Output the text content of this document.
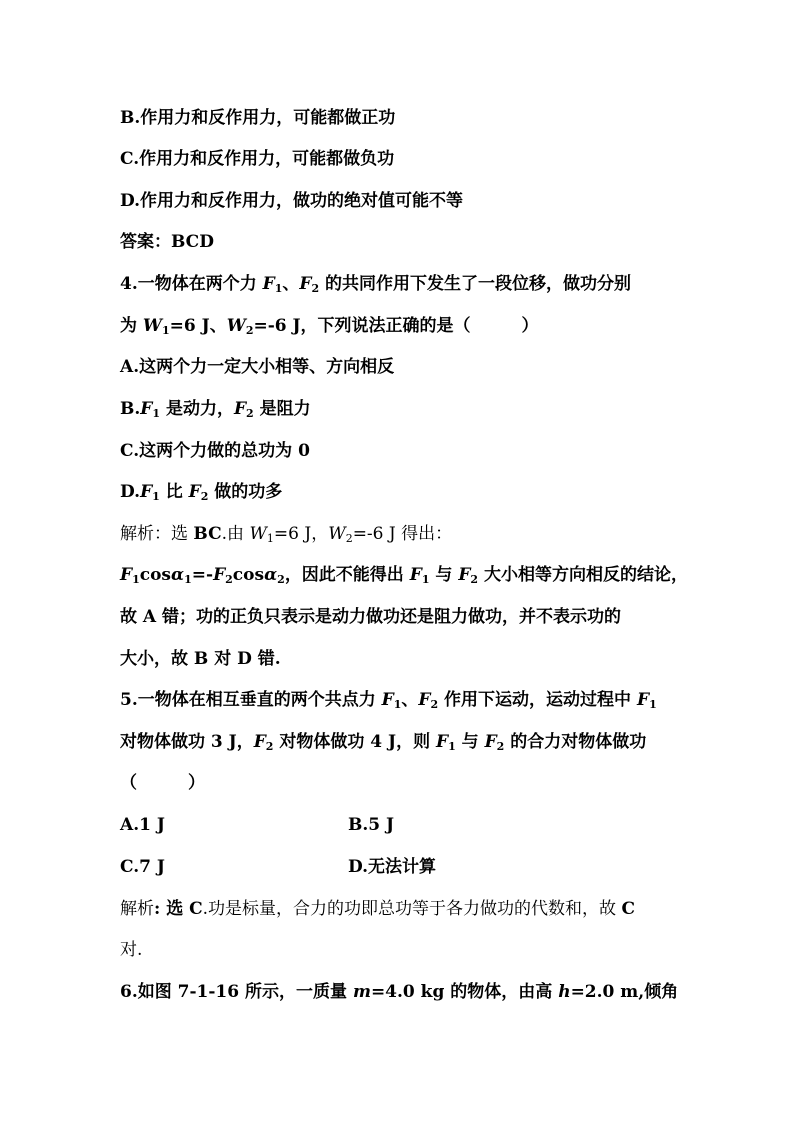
B.作用力和反作用力，可能都做正功
C.作用力和反作用力，可能都做负功
D.作用力和反作用力，做功的绝对值可能不等
答案：BCD
4.一物体在两个力 $F_1$、$F_2$ 的共同作用下发生了一段位移，做功分别
为 $W_1=6$ J、$W_2=-6$ J，下列说法正确的是（　　　）
A.这两个力一定大小相等、方向相反
$B.F_1$ 是动力，$F_2$ 是阻力
C.这两个力做的总功为 0
$D.F_1$ 比 $F_2$ 做的功多
解析：选 BC.由 $W_1=6$ J，$W_2=-6$ J 得出：
$F_1\cos\alpha_1=-F_2\cos\alpha_2$，因此不能得出 $F_1$ 与 $F_2$ 大小相等方向相反的结论，
故 A 错；功的正负只表示是动力做功还是阻力做功，并不表示功的
大小，故 B 对 D 错.
5.一物体在相互垂直的两个共点力 $F_1$、$F_2$ 作用下运动，运动过程中 $F_1$
对物体做功 3 J，$F_2$ 对物体做功 4 J，则 $F_1$ 与 $F_2$ 的合力对物体做功
（　　　）
A.1 J	B.5 J
C.7 J	D.无法计算
解析: 选 C.功是标量，合力的功即总功等于各力做功的代数和，故 C
对.
6.如图 7-1-16 所示，一质量 m=4.0 kg 的物体，由高 h=2.0 m,倾角
